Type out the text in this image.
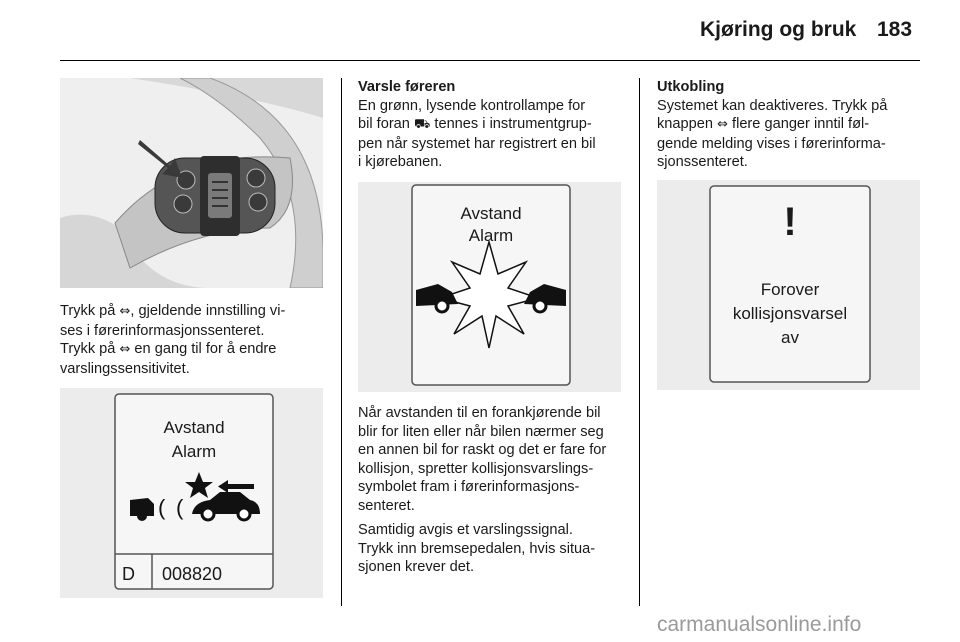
Kjøring og bruk 183

Trykk på ⇔, gjeldende innstilling vi-
ses i førerinformasjonssenteret.
Trykk på ⇔ en gang til for å endre
varslingssensitivitet.

( (
Avstand
Alarm
D 008820

Varsle føreren

En grønn, lysende kontrollampe for
bil foran ⛟ tennes i instrumentgrup-
pen når systemet har registrert en bil
i kjørebanen.

Avstand
Alarm

Når avstanden til en forankjørende bil
blir for liten eller når bilen nærmer seg
en annen bil for raskt og det er fare for
kollisjon, spretter kollisjonsvarslings-
symbolet fram i førerinformasjons-
senteret.

Samtidig avgis et varslingssignal.
Trykk inn bremsepedalen, hvis situa-
sjonen krever det.

Utkobling

Systemet kan deaktiveres. Trykk på
knappen ⇔ flere ganger inntil føl-
gende melding vises i førerinforma-
sjonssenteret.

!
Forover
kollisjonsvarsel
av
carmanualsonline.info
